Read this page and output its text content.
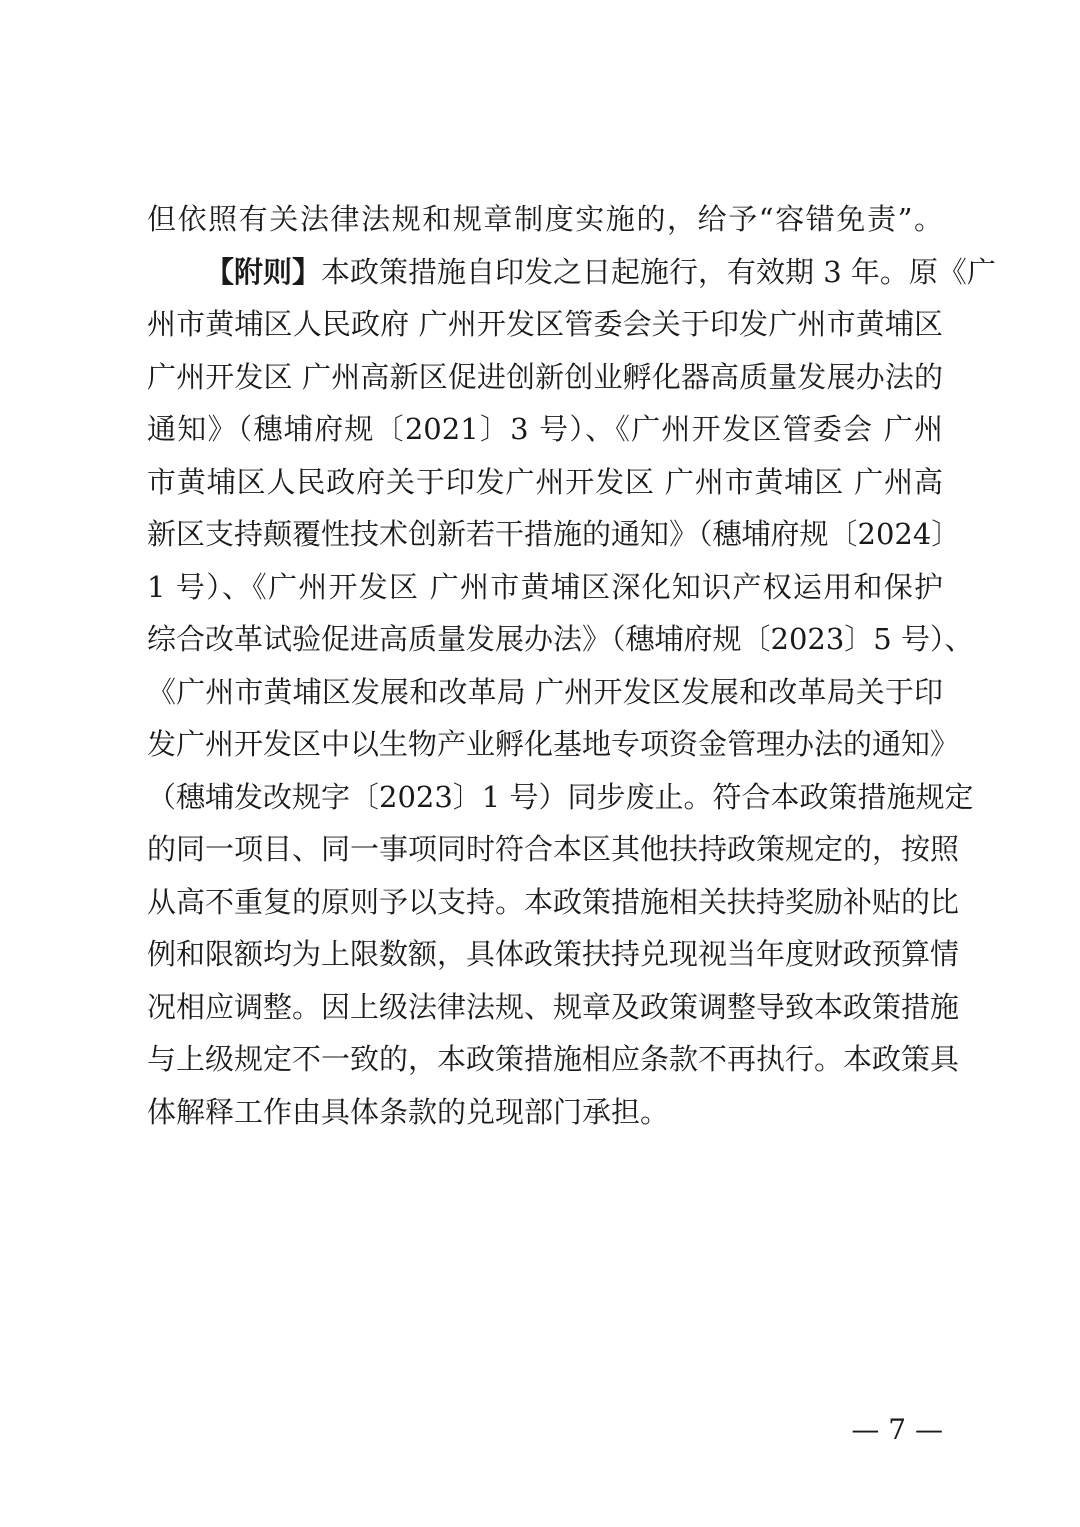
但依照有关法律法规和规章制度实施的，给予“容错免责”。
【附则】本政策措施自印发之日起施行，有效期 3 年。原《广
州市黄埔区人民政府 广州开发区管委会关于印发广州市黄埔区
广州开发区 广州高新区促进创新创业孵化器高质量发展办法的
通知》（穗埔府规〔2021〕3 号）、《广州开发区管委会 广州
市黄埔区人民政府关于印发广州开发区 广州市黄埔区 广州高
新区支持颠覆性技术创新若干措施的通知》（穗埔府规〔2024〕
1 号）、《广州开发区 广州市黄埔区深化知识产权运用和保护
综合改革试验促进高质量发展办法》（穗埔府规〔2023〕5 号）、
《广州市黄埔区发展和改革局 广州开发区发展和改革局关于印
发广州开发区中以生物产业孵化基地专项资金管理办法的通知》
（穗埔发改规字〔2023〕1 号）同步废止。符合本政策措施规定
的同一项目、同一事项同时符合本区其他扶持政策规定的，按照
从高不重复的原则予以支持。本政策措施相关扶持奖励补贴的比
例和限额均为上限数额，具体政策扶持兑现视当年度财政预算情
况相应调整。因上级法律法规、规章及政策调整导致本政策措施
与上级规定不一致的，本政策措施相应条款不再执行。本政策具
体解释工作由具体条款的兑现部门承担。
— 7 —
